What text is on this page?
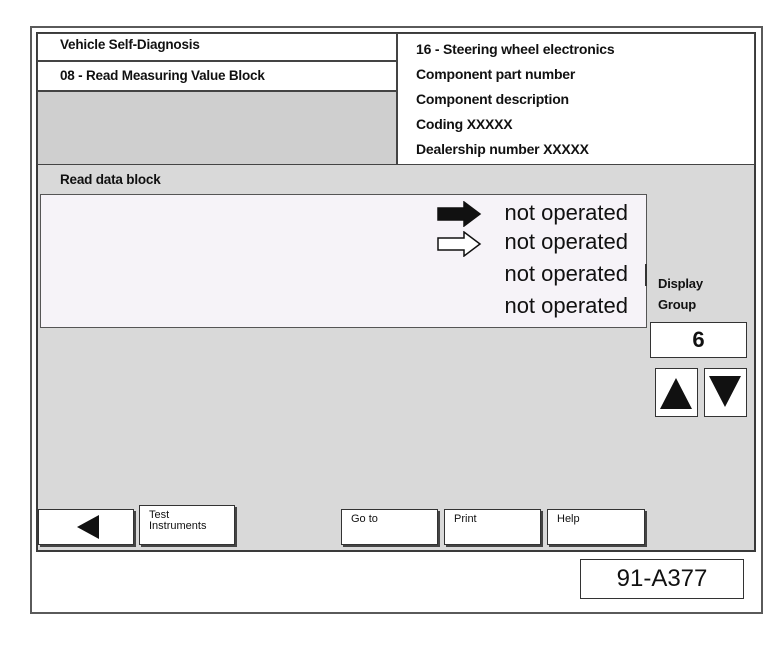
Vehicle Self-Diagnosis
08 - Read Measuring Value Block

16 - Steering wheel electronics

Component part number

Component description

Coding XXXXX

Dealership number XXXXX

Read data block
not operated
not operated
not operated
not operated
Display
Group
6
Test
Instruments
Go to	Print	Help
91-A377
